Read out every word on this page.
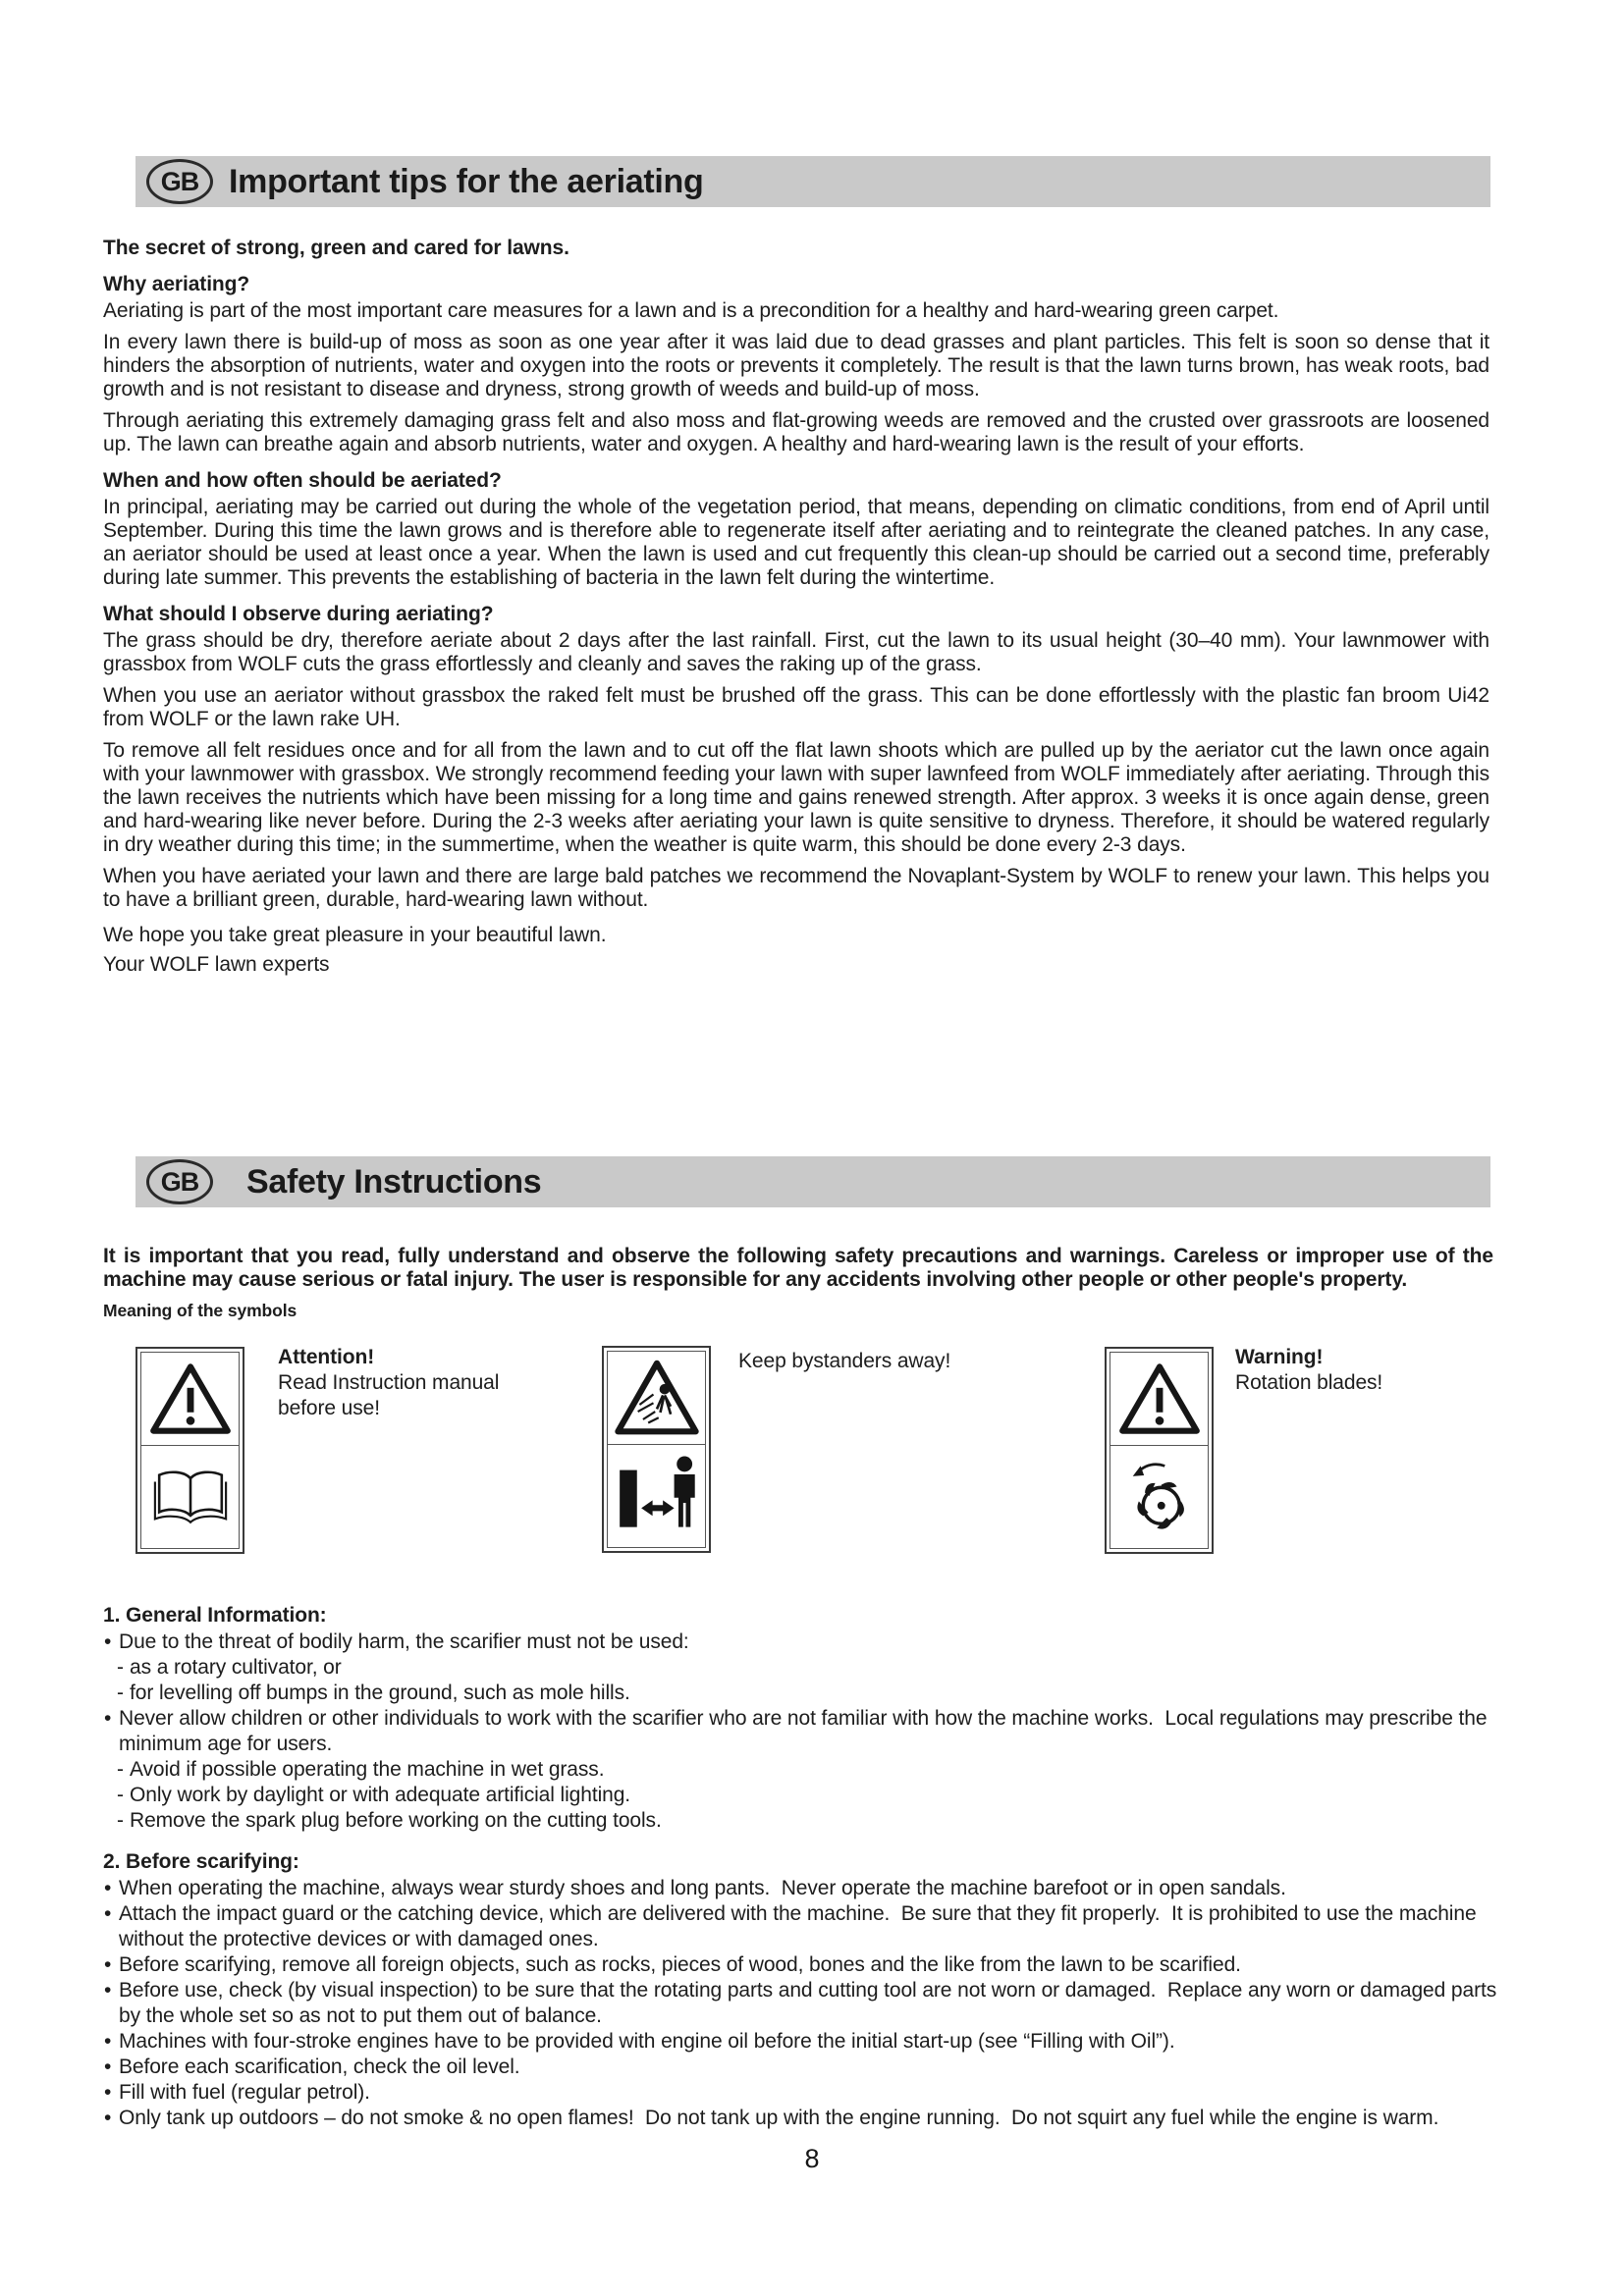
GB Important tips for the aeriating

The secret of strong, green and cared for lawns.

Why aeriating?

Aeriating is part of the most important care measures for a lawn and is a precondition for a healthy and hard-wearing green carpet.

In every lawn there is build-up of moss as soon as one year after it was laid due to dead grasses and plant particles. This felt is soon so dense that it hinders the absorption of nutrients, water and oxygen into the roots or prevents it completely. The result is that the lawn turns brown, has weak roots, bad growth and is not resistant to disease and dryness, strong growth of weeds and build-up of moss.

Through aeriating this extremely damaging grass felt and also moss and flat-growing weeds are removed and the crusted over grassroots are loosened up. The lawn can breathe again and absorb nutrients, water and oxygen. A healthy and hard-wearing lawn is the result of your efforts.

When and how often should be aeriated?

In principal, aeriating may be carried out during the whole of the vegetation period, that means, depending on climatic conditions, from end of April until September. During this time the lawn grows and is therefore able to regenerate itself after aeriating and to reintegrate the cleaned patches. In any case, an aeriator should be used at least once a year. When the lawn is used and cut frequently this clean-up should be carried out a second time, preferably during late summer. This prevents the establishing of bacteria in the lawn felt during the wintertime.

What should I observe during aeriating?

The grass should be dry, therefore aeriate about 2 days after the last rainfall. First, cut the lawn to its usual height (30–40 mm). Your lawnmower with grassbox from WOLF cuts the grass effortlessly and cleanly and saves the raking up of the grass.

When you use an aeriator without grassbox the raked felt must be brushed off the grass. This can be done effortlessly with the plastic fan broom Ui42 from WOLF or the lawn rake UH.

To remove all felt residues once and for all from the lawn and to cut off the flat lawn shoots which are pulled up by the aeriator cut the lawn once again with your lawnmower with grassbox. We strongly recommend feeding your lawn with super lawnfeed from WOLF immediately after aeriating. Through this the lawn receives the nutrients which have been missing for a long time and gains renewed strength. After approx. 3 weeks it is once again dense, green and hard-wearing like never before. During the 2-3 weeks after aeriating your lawn is quite sensitive to dryness. Therefore, it should be watered regularly in dry weather during this time; in the summertime, when the weather is quite warm, this should be done every 2-3 days.

When you have aeriated your lawn and there are large bald patches we recommend the Novaplant-System by WOLF to renew your lawn. This helps you to have a brilliant green, durable, hard-wearing lawn without.

We hope you take great pleasure in your beautiful lawn.

Your WOLF lawn experts

GB	Safety Instructions

It is important that you read, fully understand and observe the following safety precautions and warnings. Careless or improper use of the machine may cause serious or fatal injury. The user is responsible for any accidents involving other people or other people's property.

Meaning of the symbols

Attention!
Read Instruction manual
before use!
Keep bystanders away!	Warning!
Rotation blades!
1. General Information:
• Due to the threat of bodily harm, the scarifier must not be used:
- as a rotary cultivator, or
- for levelling off bumps in the ground, such as mole hills.
• Never allow children or other individuals to work with the scarifier who are not familiar with how the machine works.  Local regulations may prescribe the minimum age for users.
- Avoid if possible operating the machine in wet grass.
- Only work by daylight or with adequate artificial lighting.
- Remove the spark plug before working on the cutting tools.
2. Before scarifying:
• When operating the machine, always wear sturdy shoes and long pants.  Never operate the machine barefoot or in open sandals.
• Attach the impact guard or the catching device, which are delivered with the machine.  Be sure that they fit properly.  It is prohibited to use the machine without the protective devices or with damaged ones.
• Before scarifying, remove all foreign objects, such as rocks, pieces of wood, bones and the like from the lawn to be scarified.
• Before use, check (by visual inspection) to be sure that the rotating parts and cutting tool are not worn or damaged.  Replace any worn or damaged parts by the whole set so as not to put them out of balance.
• Machines with four-stroke engines have to be provided with engine oil before the initial start-up (see “Filling with Oil”).
• Before each scarification, check the oil level.
• Fill with fuel (regular petrol).
• Only tank up outdoors – do not smoke & no open flames!  Do not tank up with the engine running.  Do not squirt any fuel while the engine is warm.
8
